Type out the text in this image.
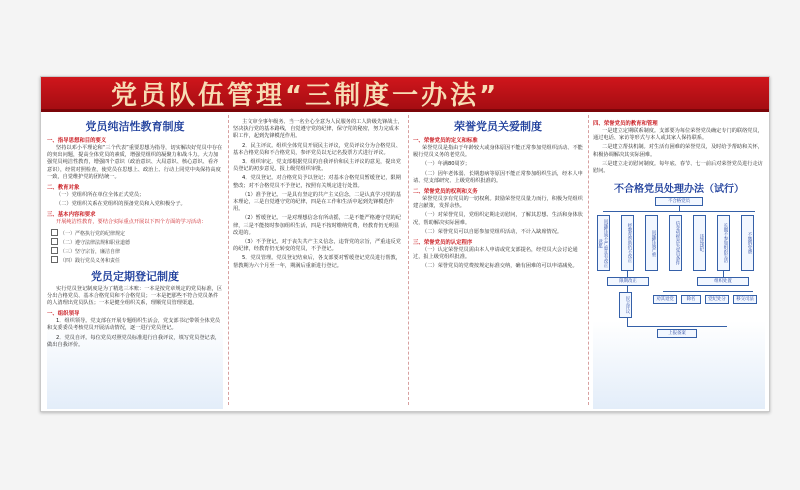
党员队伍管理“三制度一办法”
党员纯洁性教育制度
一、指导思想和目的要义

坚持以邓小平理论和“三个代表”重要思想为指导，切实解决好党员中存在的突出问题，提高全体党员的素质，增强党组织的凝聚力和战斗力。大力加强党员纯洁性教育，增强四个意识（政治意识、大局意识、核心意识、看齐意识），经常对照检查，使党员在思想上、政治上、行动上同党中央保持高度一致，自觉维护党的团结统一。

二、教育对象

（一）党组织所在单位全体正式党员；

（二）党组织关系在党组织的预备党员和入党积极分子。

三、基本内容和要求

开展纯洁性教育，要结合实际重点开展以下四个方面的学习活动：

（一）严格执行党的纪律规定
（二）遵守法律法规和职业道德
（三）坚守宗旨，廉洁自律
（四）践行党员义务和责任
党员定期登记制度

实行党员登记制度是为了精选三本账：一本是按党章规定的党员标准，区分出合格党员、基本合格党员和不合格党员；一本是把那些不符合党员条件的人清理出党员队伍；一本是健全组织关系，理顺党员管理渠道。

一、组织领导

1．组织领导。党支部在开展专题组织生活会，党支部书记带领全体党员和支委委员考核党员开展活动情况，逐一进行党员登记。

2．党员自评。每位党员对照党员标准进行自我评议，填写党员登记表，做出自我评价。

主文审全事年级务、当一名全心全意为人民服务的工人阶级先锋战士，坚决执行党的基本路线，自觉遵守党的纪律，保守党的秘密，努力完成本职工作，起到先锋模范作用。

2．民主评议。组织全体党员开展民主评议，党员评议分为合格党员、基本合格党员和不合格党员，参评党员以无记名投票方式进行评议。

3．组织审定。党支部根据党员的自我评价和民主评议的意见，提出党员登记的初步意见，报上级党组织审批。

4．党员登记。对合格党员予以登记；对基本合格党员暂缓登记，限期整改；对不合格党员不予登记，按照有关规定进行处置。

（1）准予登记。一是具有坚定的共产主义信念，二是认真学习党的基本理论，三是自觉遵守党的纪律，四是在工作和生活中起到先锋模范作用。

（2）暂缓登记。一是对理想信念有所动摇，二是不能严格遵守党的纪律，三是不能按时参加组织生活，四是不按时缴纳党费，经教育仍无明显改进的。

（3）不予登记。对于丧失共产主义信念，违背党的宗旨，严重违反党的纪律，经教育仍无转变的党员，不予登记。

5．党员管理。党员登记结束后，各支部要对暂缓登记党员进行帮教，帮教期为六个月至一年，期满后重新进行登记。

荣誉党员关爱制度
一、荣誉党员的定义和标准

荣誉党员是指由于年龄较大或身体原因不能正常参加党组织活动、不能履行党员义务的老党员。

（一）年满80周岁；

（二）因年老体弱、长期患病等原因不能正常参加组织生活，经本人申请、党支部研究、上级党组织批准的。

二、荣誉党员的权利和义务

荣誉党员享有党员的一切权利。鼓励荣誉党员量力而行，积极为党组织建言献策，发挥余热。

（一）对荣誉党员，党组织定期走访慰问，了解其思想、生活和身体状况，帮助解决实际困难。

（二）荣誉党员可以自愿参加党组织活动，不计入缺席情况。

三、荣誉党员的认定程序

（一）认定荣誉党员需由本人申请或党支部提名，经党员大会讨论通过，报上级党组织批准。

（二）荣誉党员的党费按规定标准交纳，确有困难的可以申请减免。

四、荣誉党员的教育和管理

一是建立定期联系制度。支部要为每位荣誉党员确定专门的联络党员，通过电话、家访等形式与本人或其家人保持联系。

二是建立帮扶机制。对生活有困难的荣誉党员，及时给予帮助和关怀，积极协调解决其实际困难。

三是建立走访慰问制度。每年底、春节、七一前后对荣誉党员进行走访慰问。

不合格党员处理办法（试行）
不合格党员
问题性质不严重且有改正意愿	经教育帮助仍不改正	问题性质严重	信念动摇丧失党员条件	违法违纪	长期不参加组织生活	不缴纳党费
限期改正
民主评议
组织处置
劝其退党	除名	党纪处分	移交司法
上报备案
